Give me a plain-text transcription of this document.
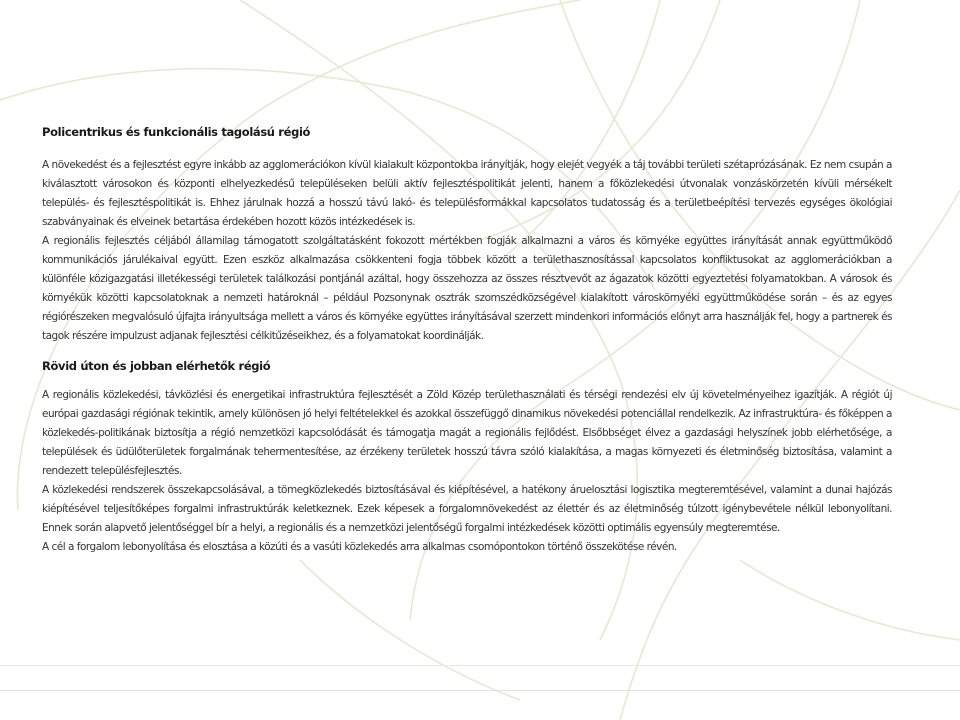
Policentrikus és funkcionális tagolású régió

A növekedést és a fejlesztést egyre inkább az agglomerációkon kívül kialakult központokba irányítják, hogy elejét vegyék a táj további területi szétaprózásának. Ez nem csupán a kiválasztott városokon és központi elhelyezkedésű településeken belüli aktív fejlesztéspolitikát jelenti, hanem a főközlekedési útvonalak vonzáskörzetén kívüli mérsékelt település- és fejlesztéspolitikát is. Ehhez járulnak hozzá a hosszú távú lakó- és településformákkal kapcsolatos tudatosság és a területbeépítési tervezés egységes ökológiai szabványainak és elveinek betartása érdekében hozott közös intézkedések is.

A regionális fejlesztés céljából államilag támogatott szolgáltatásként fokozott mértékben fogják alkalmazni a város és környéke együttes irányítását annak együttműködő kommunikációs járulékaival együtt. Ezen eszköz alkalmazása csökkenteni fogja többek között a területhasznosítással kapcsolatos konfliktusokat az agglomerációkban a különféle közigazgatási illetékességi területek találkozási pontjánál azáltal, hogy összehozza az összes résztvevőt az ágazatok közötti egyeztetési folyamatokban. A városok és környékük közötti kapcsolatoknak a nemzeti határoknál – például Pozsonynak osztrák szomszédközségével kialakított városkörnyéki együttműködése során – és az egyes régiórészeken megvalósuló újfajta irányultsága mellett a város és környéke együttes irányításával szerzett mindenkori információs előnyt arra használják fel, hogy a partnerek és tagok részére impulzust adjanak fejlesztési célkitűzéseikhez, és a folyamatokat koordinálják.

Rövid úton és jobban elérhetők régió

A regionális közlekedési, távközlési és energetikai infrastruktúra fejlesztését a Zöld Közép területhasználati és térségi rendezési elv új követelményeihez igazítják. A régiót új európai gazdasági régiónak tekintik, amely különösen jó helyi feltételekkel és azokkal összefüggő dinamikus növekedési potenciállal rendelkezik. Az infrastruktúra- és főképpen a közlekedés-politikának biztosítja a régió nemzetközi kapcsolódását és támogatja magát a regionális fejlődést. Elsőbbséget élvez a gazdasági helyszínek jobb elérhetősége, a települések és üdülőterületek forgalmának tehermentesítése, az érzékeny területek hosszú távra szóló kialakítása, a magas környezeti és életminőség biztosítása, valamint a rendezett településfejlesztés.

A közlekedési rendszerek összekapcsolásával, a tömegközlekedés biztosításával és kiépítésével, a hatékony áruelosztási logisztika megteremtésével, valamint a dunai hajózás kiépítésével teljesítőképes forgalmi infrastruktúrák keletkeznek. Ezek képesek a forgalomnövekedést az élettér és az életminőség túlzott igénybevétele nélkül lebonyolítani. Ennek során alapvető jelentőséggel bír a helyi, a regionális és a nemzetközi jelentőségű forgalmi intézkedések közötti optimális egyensúly megteremtése.

A cél a forgalom lebonyolítása és elosztása a közúti és a vasúti közlekedés arra alkalmas csomópontokon történő összekötése révén.
